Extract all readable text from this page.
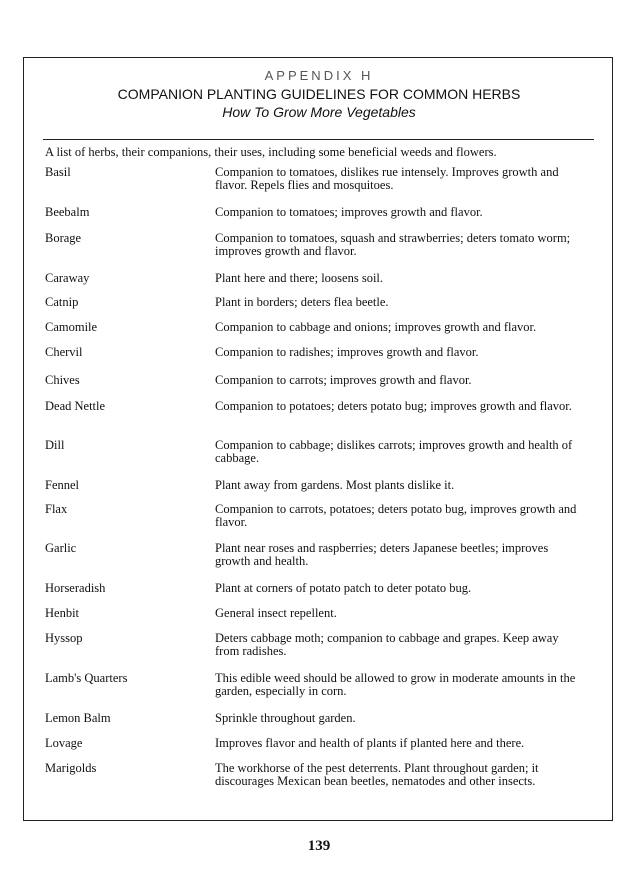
APPENDIX H
COMPANION PLANTING GUIDELINES FOR COMMON HERBS
How To Grow More Vegetables
A list of herbs, their companions, their uses, including some beneficial weeds and flowers.
Basil	Companion to tomatoes, dislikes rue intensely. Improves growth and flavor. Repels flies and mosquitoes.
Beebalm	Companion to tomatoes; improves growth and flavor.
Borage	Companion to tomatoes, squash and strawberries; deters tomato worm; improves growth and flavor.
Caraway	Plant here and there; loosens soil.
Catnip	Plant in borders; deters flea beetle.
Camomile	Companion to cabbage and onions; improves growth and flavor.
Chervil	Companion to radishes; improves growth and flavor.
Chives	Companion to carrots; improves growth and flavor.
Dead Nettle	Companion to potatoes; deters potato bug; improves growth and flavor.
Dill	Companion to cabbage; dislikes carrots; improves growth and health of cabbage.
Fennel	Plant away from gardens. Most plants dislike it.
Flax	Companion to carrots, potatoes; deters potato bug, improves growth and flavor.
Garlic	Plant near roses and raspberries; deters Japanese beetles; improves growth and health.
Horseradish	Plant at corners of potato patch to deter potato bug.
Henbit	General insect repellent.
Hyssop	Deters cabbage moth; companion to cabbage and grapes. Keep away from radishes.
Lamb's Quarters	This edible weed should be allowed to grow in moderate amounts in the garden, especially in corn.
Lemon Balm	Sprinkle throughout garden.
Lovage	Improves flavor and health of plants if planted here and there.
Marigolds	The workhorse of the pest deterrents. Plant throughout garden; it discourages Mexican bean beetles, nematodes and other insects.
139
